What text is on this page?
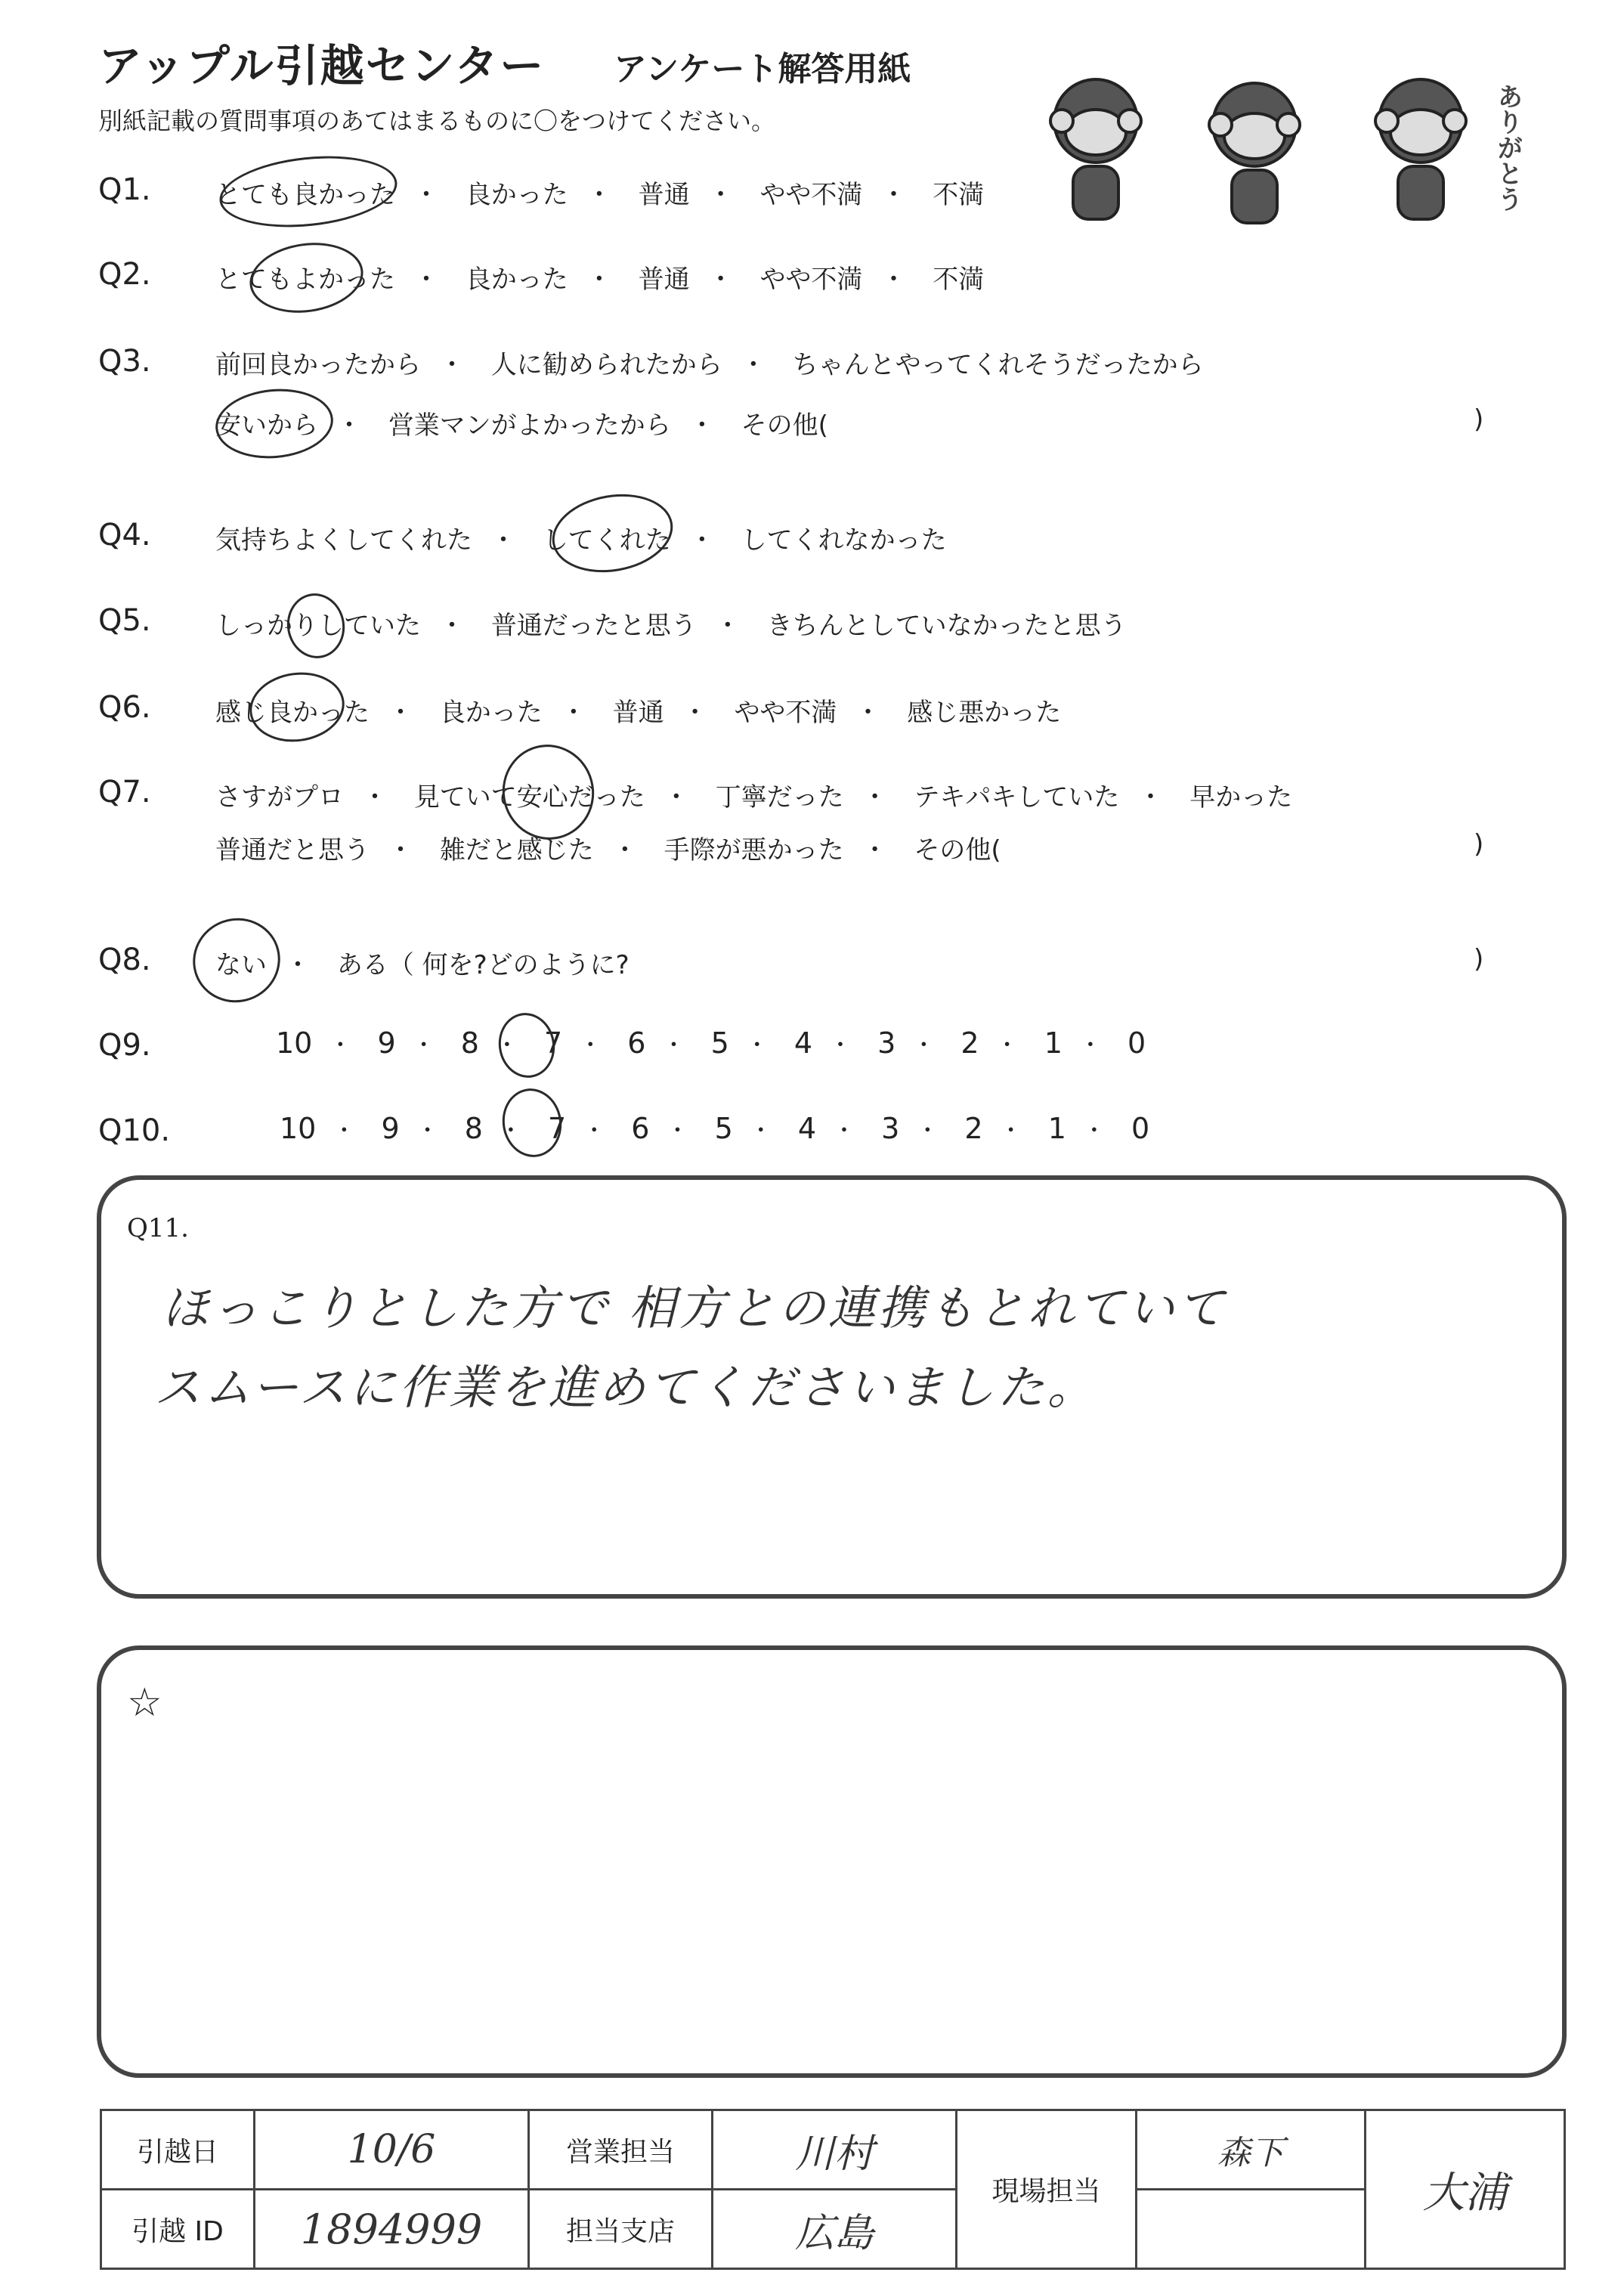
アップル引越センター アンケート解答用紙
別紙記載の質問事項のあてはまるものに〇をつけてください。	ありがとう
Q1.	とても良かった ・ 良かった ・ 普通 ・ やや不満 ・ 不満
Q2.	とてもよかった ・ 良かった ・ 普通 ・ やや不満 ・ 不満
Q3.	前回良かったから ・ 人に勧められたから ・ ちゃんとやってくれそうだったから
安いから ・ 営業マンがよかったから ・ その他(	)
Q4.	気持ちよくしてくれた ・ してくれた ・ してくれなかった
Q5.	しっかりしていた ・ 普通だったと思う ・ きちんとしていなかったと思う
Q6.	感じ良かった ・ 良かった ・ 普通 ・ やや不満 ・ 感じ悪かった
Q7.	さすがプロ ・ 見ていて安心だった ・ 丁寧だった ・ テキパキしていた ・ 早かった
普通だと思う ・ 雑だと感じた ・ 手際が悪かった ・ その他(	)
Q8.	ない ・ ある（ 何を?どのように?	)
Q9.	10 ・ 9 ・ 8 ・ 7 ・ 6 ・ 5 ・ 4 ・ 3 ・ 2 ・ 1 ・ 0
Q10.	10 ・ 9 ・ 8 ・ 7 ・ 6 ・ 5 ・ 4 ・ 3 ・ 2 ・ 1 ・ 0
Q11.
ほっこりとした方で 相方との連携もとれていて
スムースに作業を進めてくださいました。
☆
引越日	10/6	営業担当	川村	現場担当	森下	大浦
引越 ID	1894999	担当支店	広島			
